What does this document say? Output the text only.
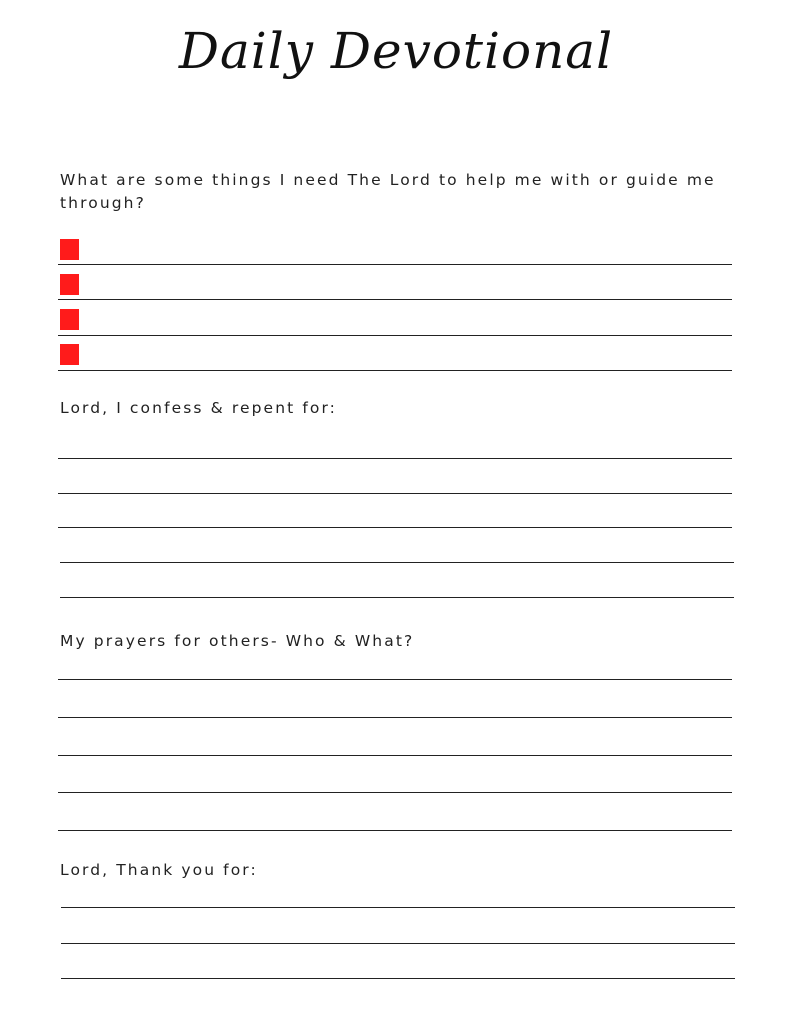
Daily Devotional

What are some things I need The Lord to help me with or guide me through?

Lord, I confess & repent for:

My prayers for others- Who & What?

Lord, Thank you for:
